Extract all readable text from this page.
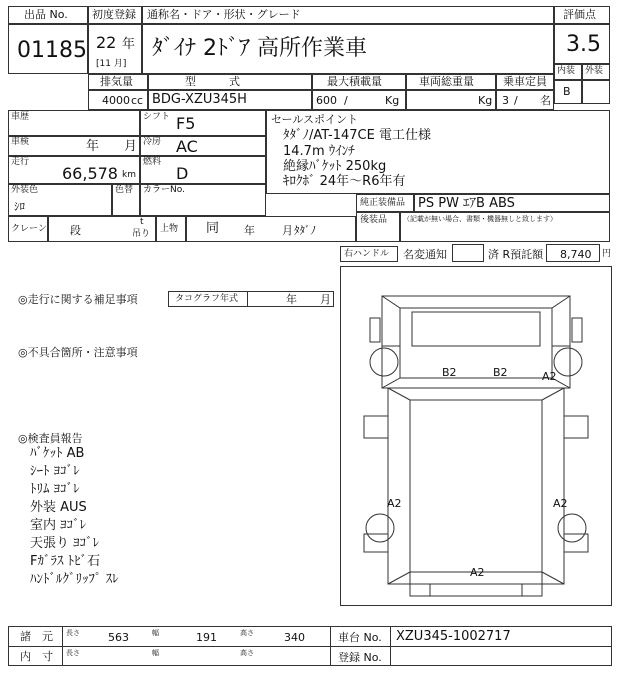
出品 No.
01185
初度登録
22 年
[11 月]
通称名・ドア・形状・グレード
ﾀﾞｲﾅ 2ﾄﾞｱ 高所作業車
評価点
3.5
内装 外装
B
排気量
4000 cc
型　　　式
BDG-XZU345H
最大積載量
600 /	Kg
車両総重量
Kg
乗車定員
3 / 名
車歴
車検	年 月
走行
66,578 km
シフト F5
冷房 AC
燃料
D
セールスポイント
ﾀﾀﾞﾉ/AT-147CE 電工仕様
14.7m ｳｲﾝﾁ
絶縁ﾊﾞｹｯﾄ 250kg
ｷﾛｸﾎﾞ 24年～R6年有
外装色
ｼﾛ
色替 カラーNo.
純正装備品 PS PW ｴｱB ABS
後装品 （記載が無い場合、書類・機器無しと致します）
クレーン 段
t
吊り 上物 同 年 月 ﾀﾀﾞﾉ
右ハンドル 名変通知	済 R預託額 8,740 円
◎走行に関する補足事項	タコグラフ年式	年 月
◎不具合箇所・注意事項
◎検査員報告
ﾊﾞｹｯﾄ AB
ｼｰﾄ ﾖｺﾞﾚ
ﾄﾘﾑ ﾖｺﾞﾚ
外装 AUS
室内 ﾖｺﾞﾚ
天張り ﾖｺﾞﾚ
Fｶﾞﾗｽ ﾄﾋﾞ石
ﾊﾝﾄﾞﾙｸﾞﾘｯﾌﾟ ｽﾚ
B2	B2	A2
A2	A2
A2
諸　元 長さ	563	幅	191	高さ	340	車台 No. XZU345-1002717
内　寸 長さ	幅	高さ	登録 No.
